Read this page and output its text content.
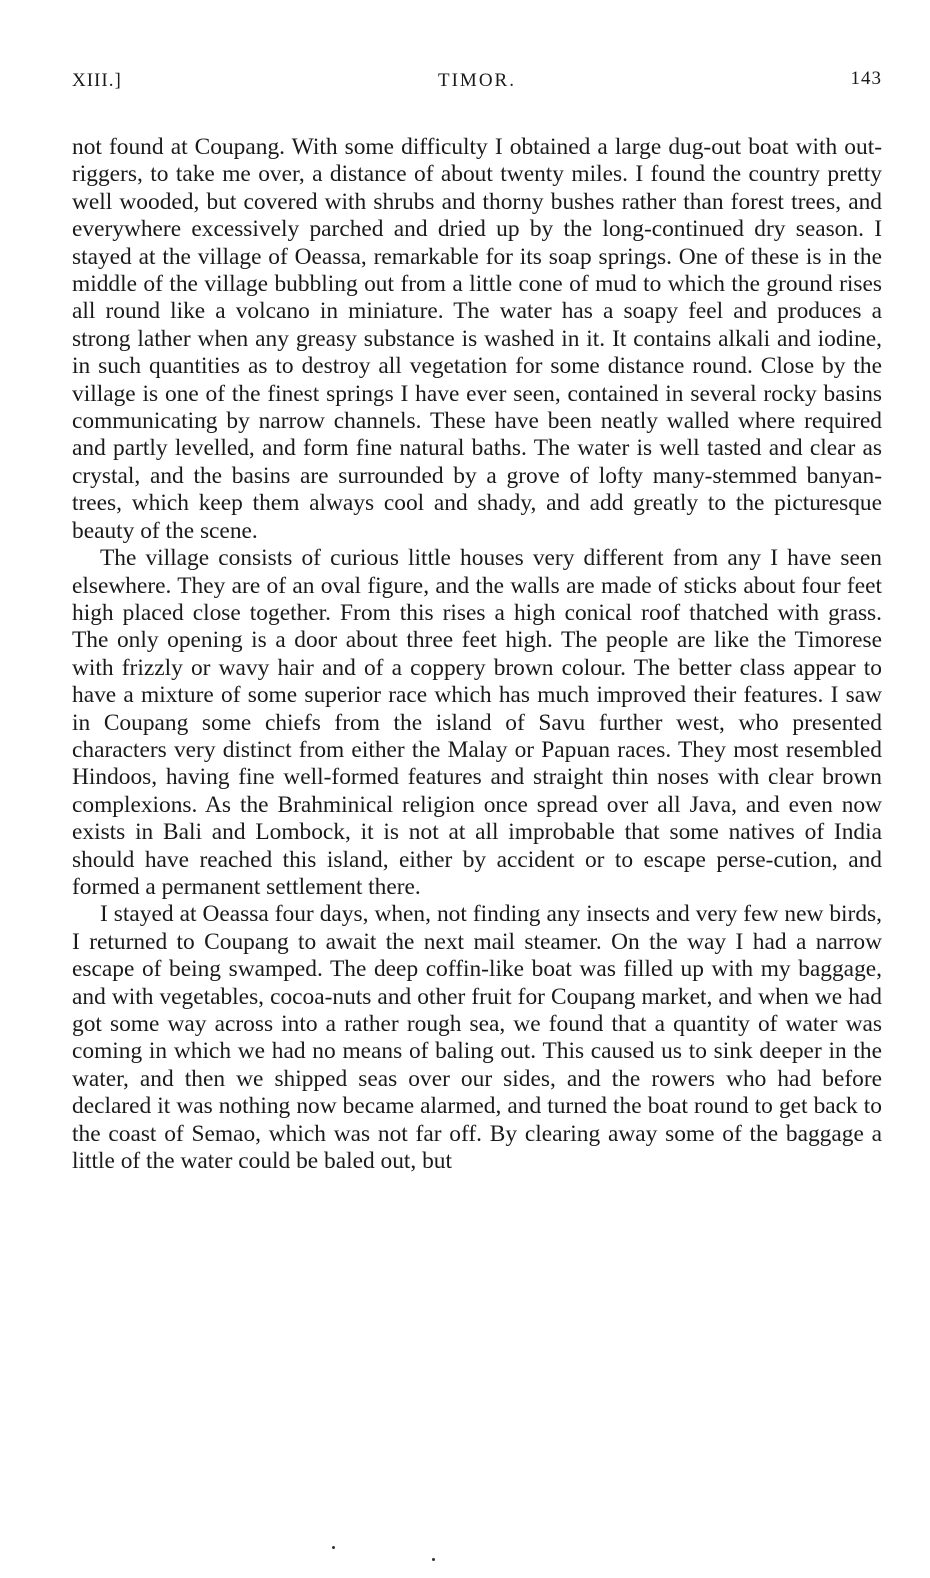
XIII.]	TIMOR.	143

not found at Coupang. With some difficulty I obtained a large dug-out boat with out-riggers, to take me over, a distance of about twenty miles. I found the country pretty well wooded, but covered with shrubs and thorny bushes rather than forest trees, and everywhere excessively parched and dried up by the long-continued dry season. I stayed at the village of Oeassa, remarkable for its soap springs. One of these is in the middle of the village bubbling out from a little cone of mud to which the ground rises all round like a volcano in miniature. The water has a soapy feel and produces a strong lather when any greasy substance is washed in it. It contains alkali and iodine, in such quantities as to destroy all vegetation for some distance round. Close by the village is one of the finest springs I have ever seen, contained in several rocky basins communicating by narrow channels. These have been neatly walled where required and partly levelled, and form fine natural baths. The water is well tasted and clear as crystal, and the basins are surrounded by a grove of lofty many-stemmed banyan-trees, which keep them always cool and shady, and add greatly to the picturesque beauty of the scene.

The village consists of curious little houses very different from any I have seen elsewhere. They are of an oval figure, and the walls are made of sticks about four feet high placed close together. From this rises a high conical roof thatched with grass. The only opening is a door about three feet high. The people are like the Timorese with frizzly or wavy hair and of a coppery brown colour. The better class appear to have a mixture of some superior race which has much improved their features. I saw in Coupang some chiefs from the island of Savu further west, who presented characters very distinct from either the Malay or Papuan races. They most resembled Hindoos, having fine well-formed features and straight thin noses with clear brown complexions. As the Brahminical religion once spread over all Java, and even now exists in Bali and Lombock, it is not at all improbable that some natives of India should have reached this island, either by accident or to escape perse-cution, and formed a permanent settlement there.

I stayed at Oeassa four days, when, not finding any insects and very few new birds, I returned to Coupang to await the next mail steamer. On the way I had a narrow escape of being swamped. The deep coffin-like boat was filled up with my baggage, and with vegetables, cocoa-nuts and other fruit for Coupang market, and when we had got some way across into a rather rough sea, we found that a quantity of water was coming in which we had no means of baling out. This caused us to sink deeper in the water, and then we shipped seas over our sides, and the rowers who had before declared it was nothing now became alarmed, and turned the boat round to get back to the coast of Semao, which was not far off. By clearing away some of the baggage a little of the water could be baled out, but
